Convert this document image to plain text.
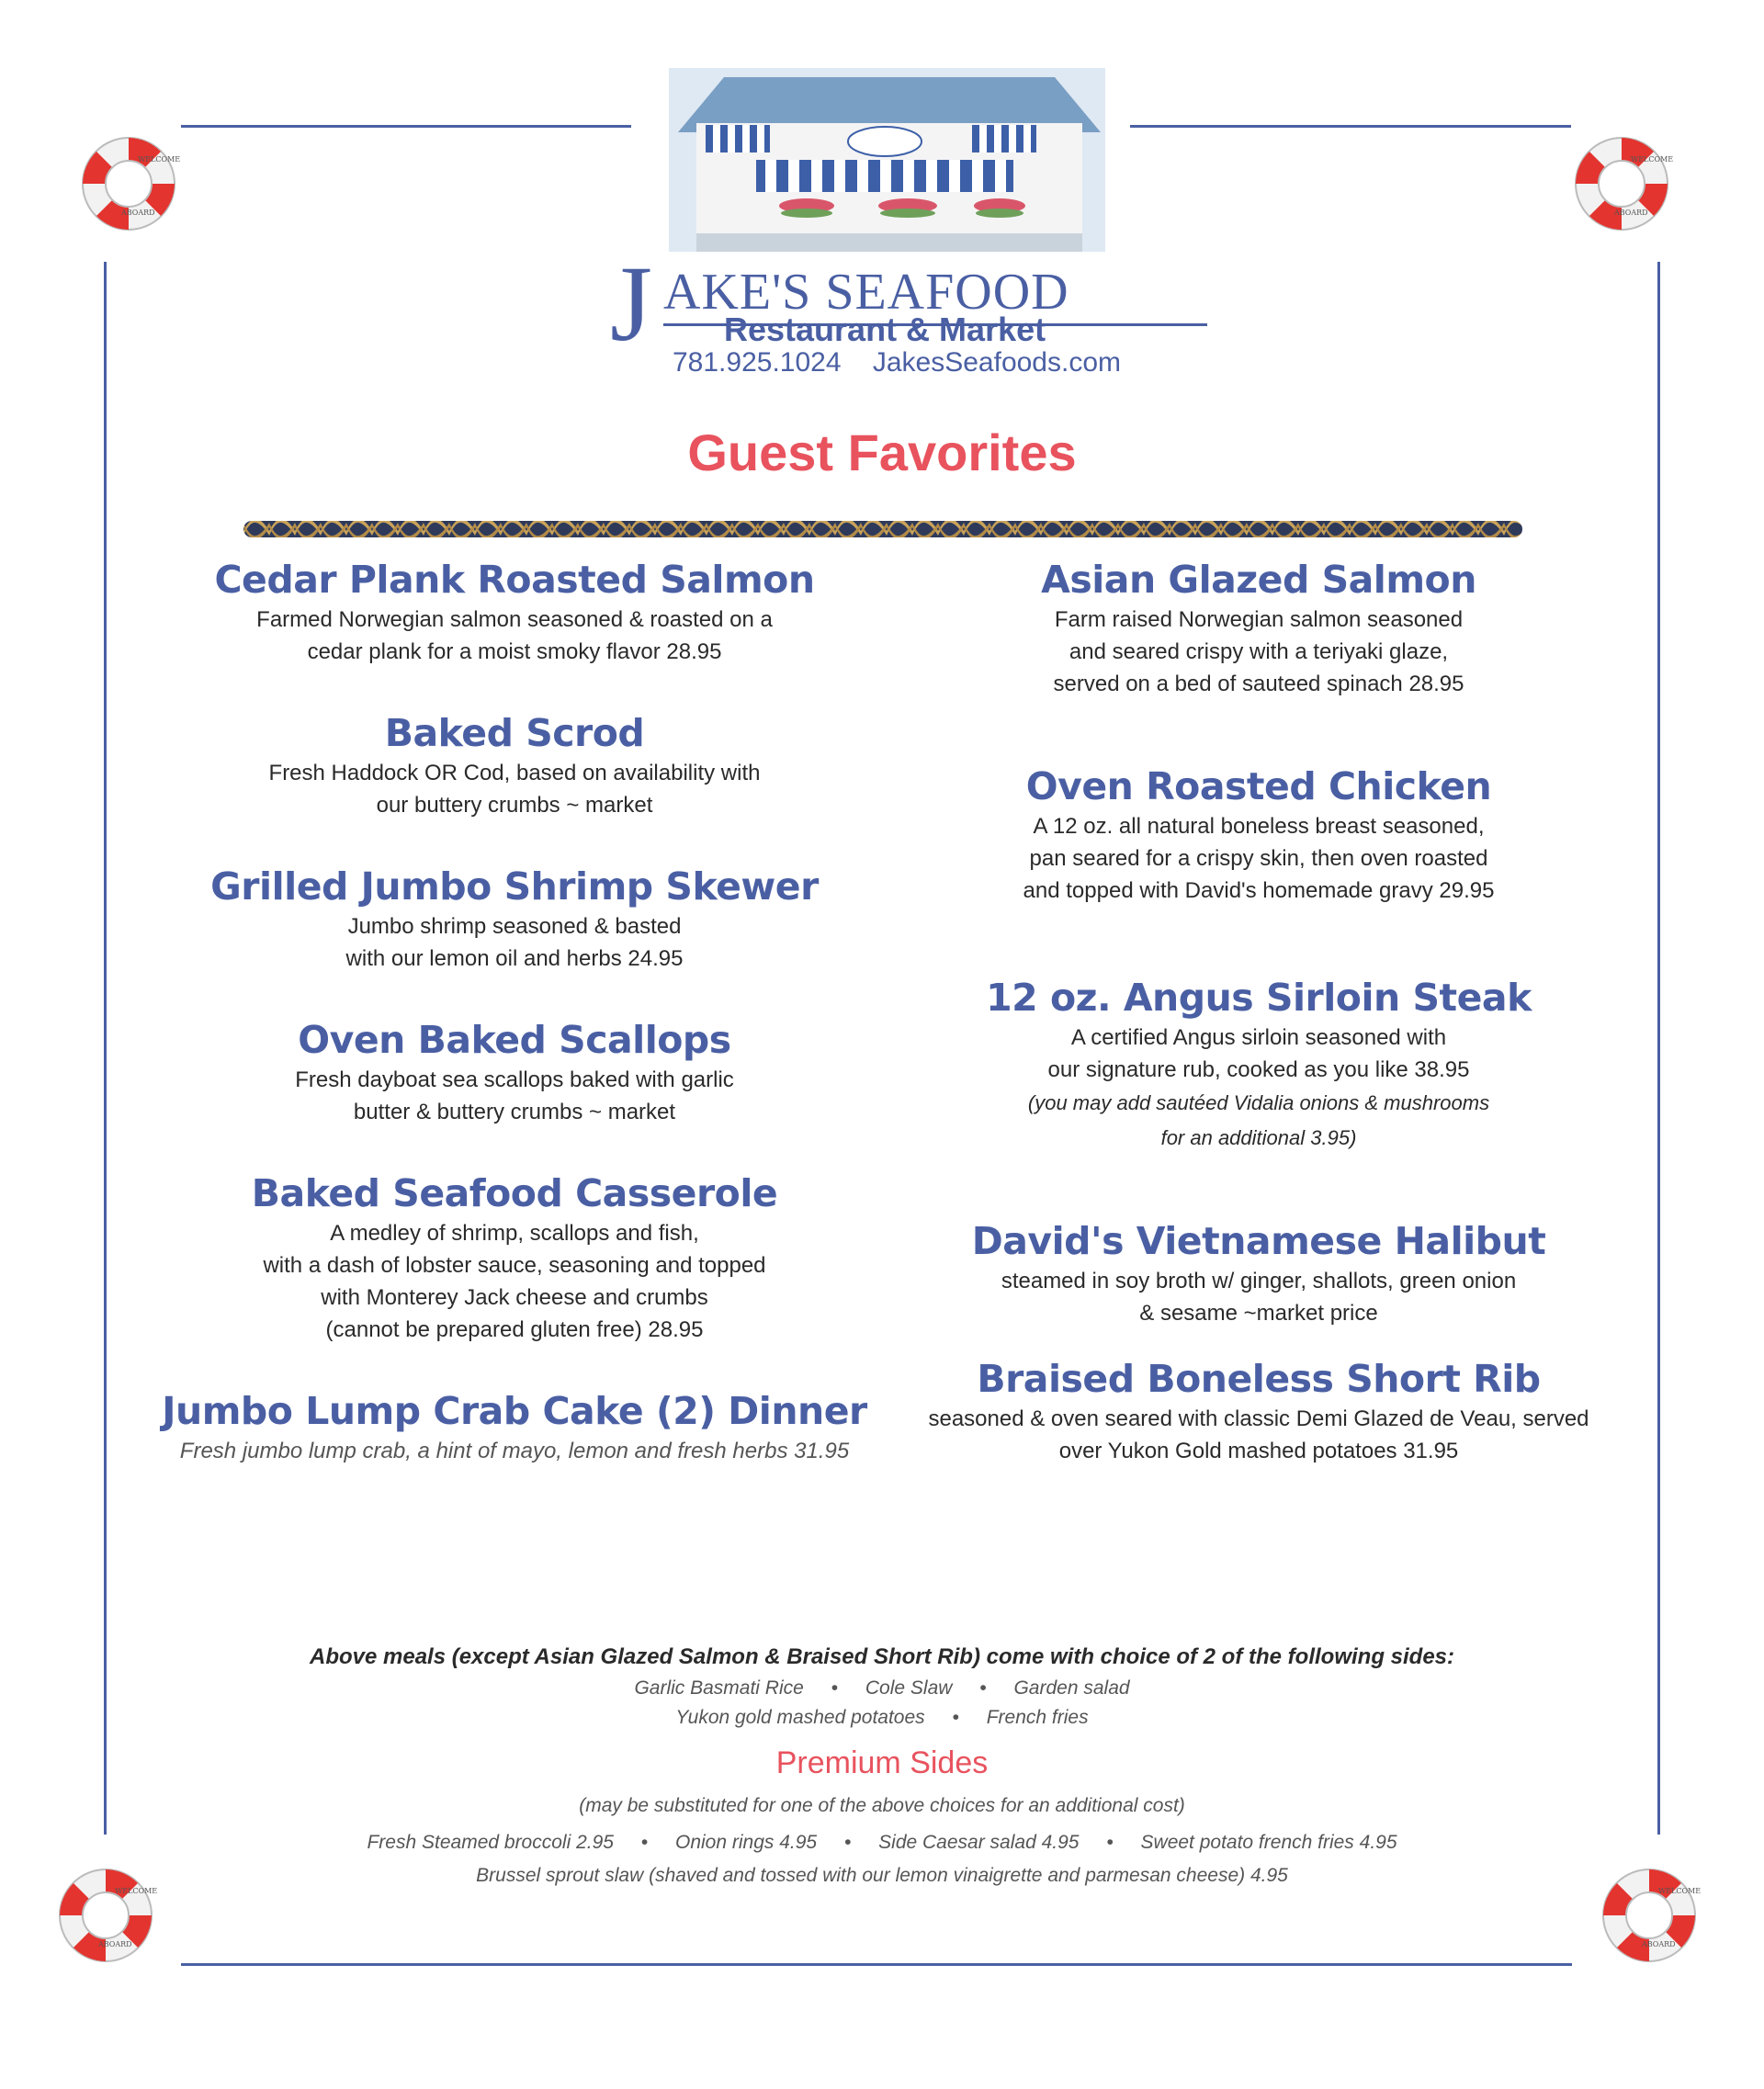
WELCOME
ABOARD
WELCOME
ABOARD
WELCOME
ABOARD
WELCOME
ABOARD
J AKE'S SEAFOOD
Restaurant & Market
781.925.1024 JakesSeafoods.com
Guest Favorites
Cedar Plank Roasted Salmon
Farmed Norwegian salmon seasoned & roasted on a
cedar plank for a moist smoky flavor 28.95
Baked Scrod
Fresh Haddock OR Cod, based on availability with
our buttery crumbs ~ market
Grilled Jumbo Shrimp Skewer
Jumbo shrimp seasoned & basted
with our lemon oil and herbs 24.95
Oven Baked Scallops
Fresh dayboat sea scallops baked with garlic
butter & buttery crumbs ~ market
Baked Seafood Casserole
A medley of shrimp, scallops and fish,
with a dash of lobster sauce, seasoning and topped
with Monterey Jack cheese and crumbs
(cannot be prepared gluten free) 28.95
Jumbo Lump Crab Cake (2) Dinner
Fresh jumbo lump crab, a hint of mayo, lemon and fresh herbs 31.95
Asian Glazed Salmon
Farm raised Norwegian salmon seasoned
and seared crispy with a teriyaki glaze,
served on a bed of sauteed spinach 28.95
Oven Roasted Chicken
A 12 oz. all natural boneless breast seasoned,
pan seared for a crispy skin, then oven roasted
and topped with David's homemade gravy 29.95
12 oz. Angus Sirloin Steak
A certified Angus sirloin seasoned with
our signature rub, cooked as you like 38.95
(you may add sautéed Vidalia onions & mushrooms
for an additional 3.95)
David's Vietnamese Halibut
steamed in soy broth w/ ginger, shallots, green onion
& sesame ~market price
Braised Boneless Short Rib
seasoned & oven seared with classic Demi Glazed de Veau, served
over Yukon Gold mashed potatoes 31.95
Above meals (except Asian Glazed Salmon & Braised Short Rib) come with choice of 2 of the following sides:
Garlic Basmati Rice • Cole Slaw • Garden salad
Yukon gold mashed potatoes • French fries
Premium Sides
(may be substituted for one of the above choices for an additional cost)
Fresh Steamed broccoli 2.95 • Onion rings 4.95 • Side Caesar salad 4.95 • Sweet potato french fries 4.95
Brussel sprout slaw (shaved and tossed with our lemon vinaigrette and parmesan cheese) 4.95
